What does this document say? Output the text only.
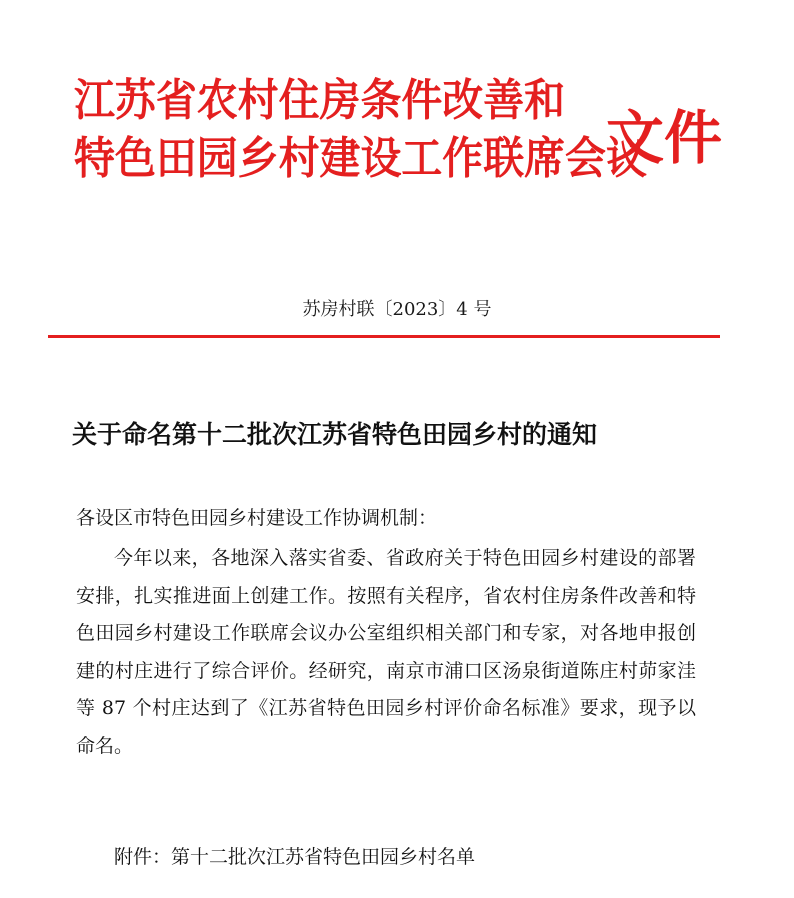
江苏省农村住房条件改善和
特色田园乡村建设工作联席会议
文件
苏房村联〔2023〕4 号
关于命名第十二批次江苏省特色田园乡村的通知
各设区市特色田园乡村建设工作协调机制：
今年以来，各地深入落实省委、省政府关于特色田园乡村建设的部署安排，扎实推进面上创建工作。按照有关程序，省农村住房条件改善和特色田园乡村建设工作联席会议办公室组织相关部门和专家，对各地申报创建的村庄进行了综合评价。经研究，南京市浦口区汤泉街道陈庄村茆家洼等 87 个村庄达到了《江苏省特色田园乡村评价命名标准》要求，现予以命名。
附件：第十二批次江苏省特色田园乡村名单
